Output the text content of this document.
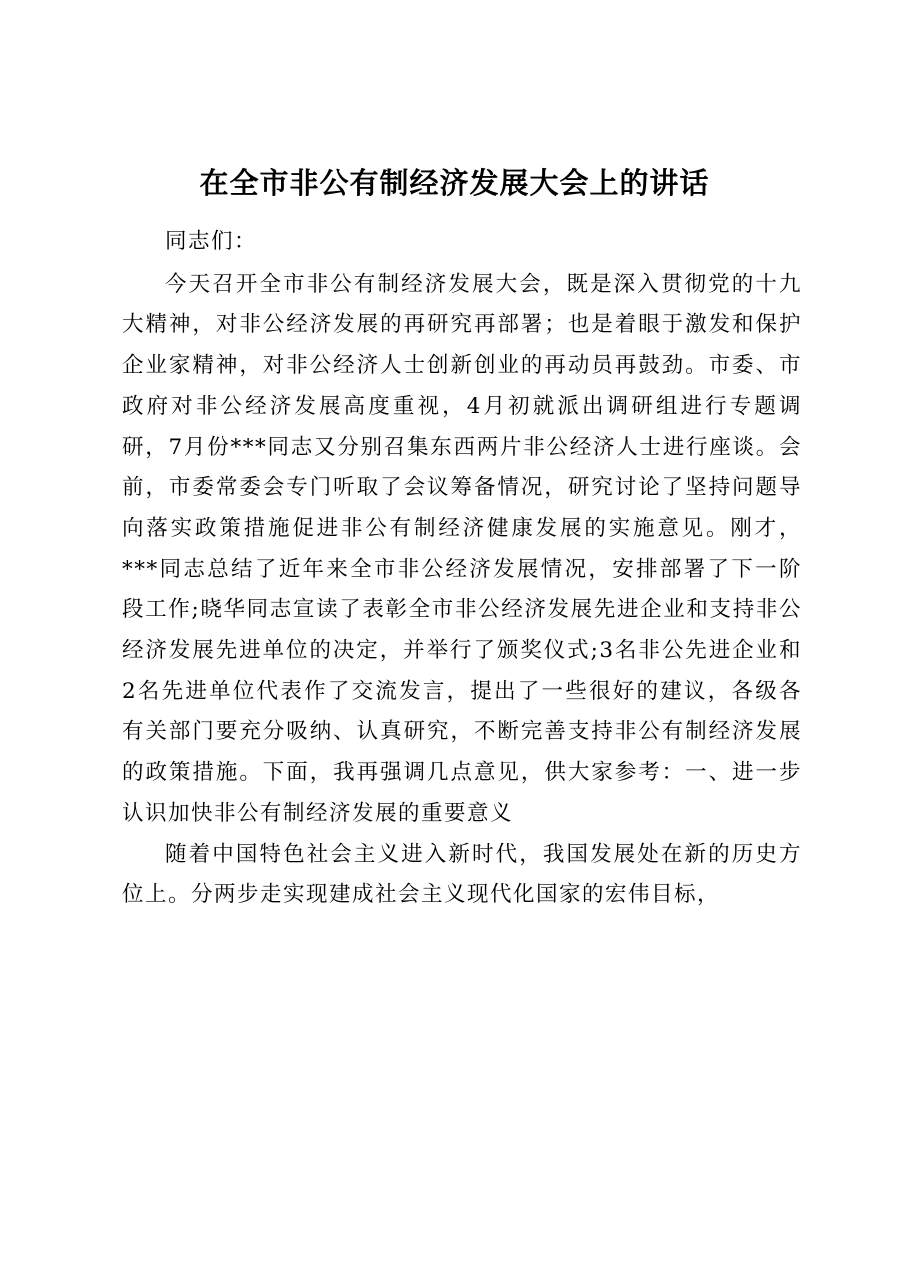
在全市非公有制经济发展大会上的讲话

同志们：

今天召开全市非公有制经济发展大会，既是深入贯彻党的十九大精神，对非公经济发展的再研究再部署；也是着眼于激发和保护企业家精神，对非公经济人士创新创业的再动员再鼓劲。市委、市政府对非公经济发展高度重视，4月初就派出调研组进行专题调研，7月份***同志又分别召集东西两片非公经济人士进行座谈。会前，市委常委会专门听取了会议筹备情况，研究讨论了坚持问题导向落实政策措施促进非公有制经济健康发展的实施意见。刚才，***同志总结了近年来全市非公经济发展情况，安排部署了下一阶段工作;晓华同志宣读了表彰全市非公经济发展先进企业和支持非公经济发展先进单位的决定，并举行了颁奖仪式;3名非公先进企业和2名先进单位代表作了交流发言，提出了一些很好的建议，各级各有关部门要充分吸纳、认真研究，不断完善支持非公有制经济发展的政策措施。下面，我再强调几点意见，供大家参考：一、进一步认识加快非公有制经济发展的重要意义

随着中国特色社会主义进入新时代，我国发展处在新的历史方位上。分两步走实现建成社会主义现代化国家的宏伟目标，
